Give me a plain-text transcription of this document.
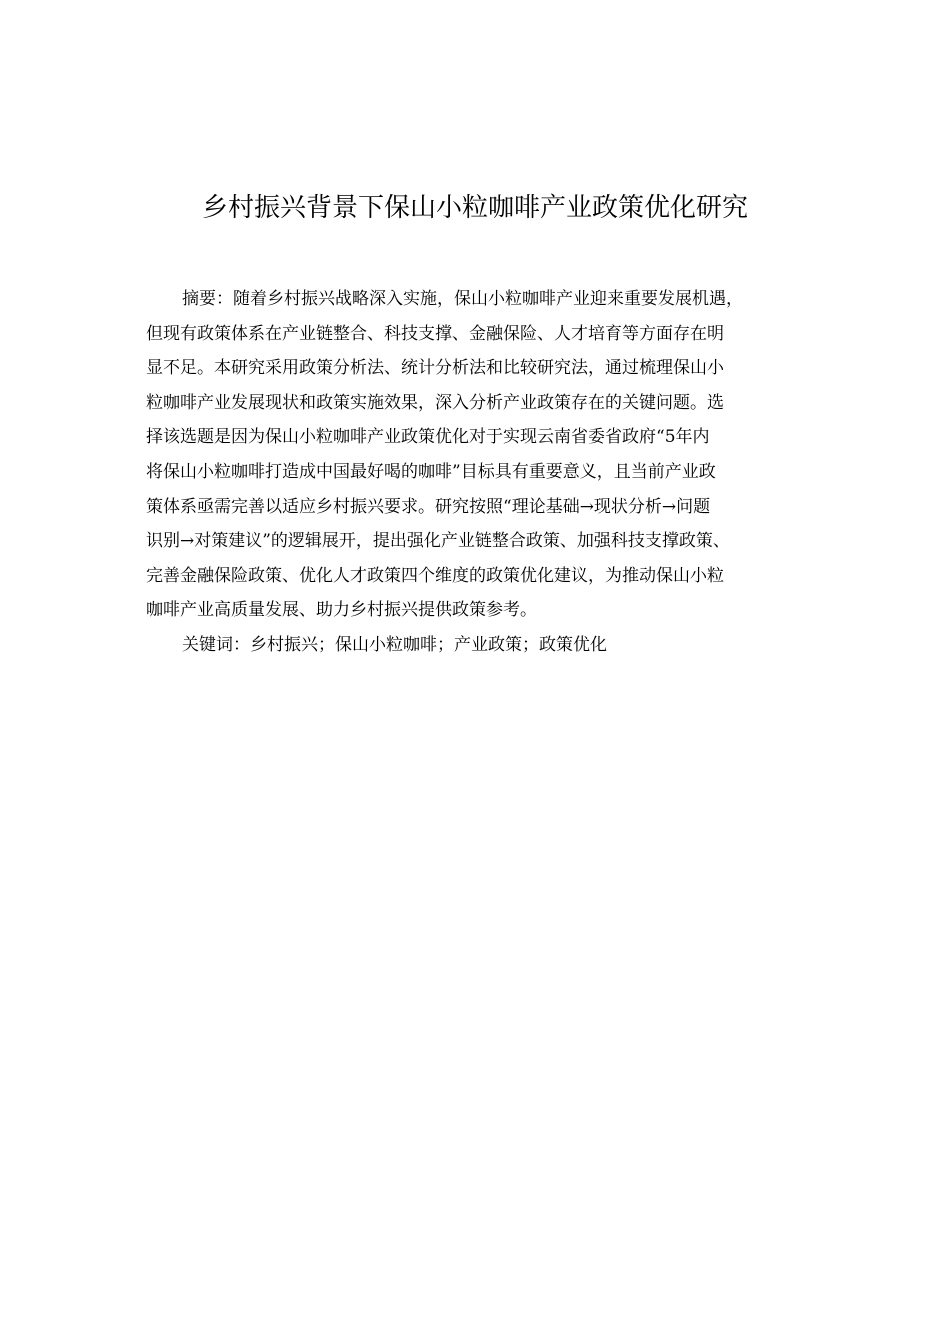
乡村振兴背景下保山小粒咖啡产业政策优化研究
摘要：随着乡村振兴战略深入实施，保山小粒咖啡产业迎来重要发展机遇，
但现有政策体系在产业链整合、科技支撑、金融保险、人才培育等方面存在明
显不足。本研究采用政策分析法、统计分析法和比较研究法，通过梳理保山小
粒咖啡产业发展现状和政策实施效果，深入分析产业政策存在的关键问题。选
择该选题是因为保山小粒咖啡产业政策优化对于实现云南省委省政府“5年内
将保山小粒咖啡打造成中国最好喝的咖啡”目标具有重要意义，且当前产业政
策体系亟需完善以适应乡村振兴要求。研究按照“理论基础→现状分析→问题
识别→对策建议”的逻辑展开，提出强化产业链整合政策、加强科技支撑政策、
完善金融保险政策、优化人才政策四个维度的政策优化建议，为推动保山小粒
咖啡产业高质量发展、助力乡村振兴提供政策参考。
关键词：乡村振兴；保山小粒咖啡；产业政策；政策优化
